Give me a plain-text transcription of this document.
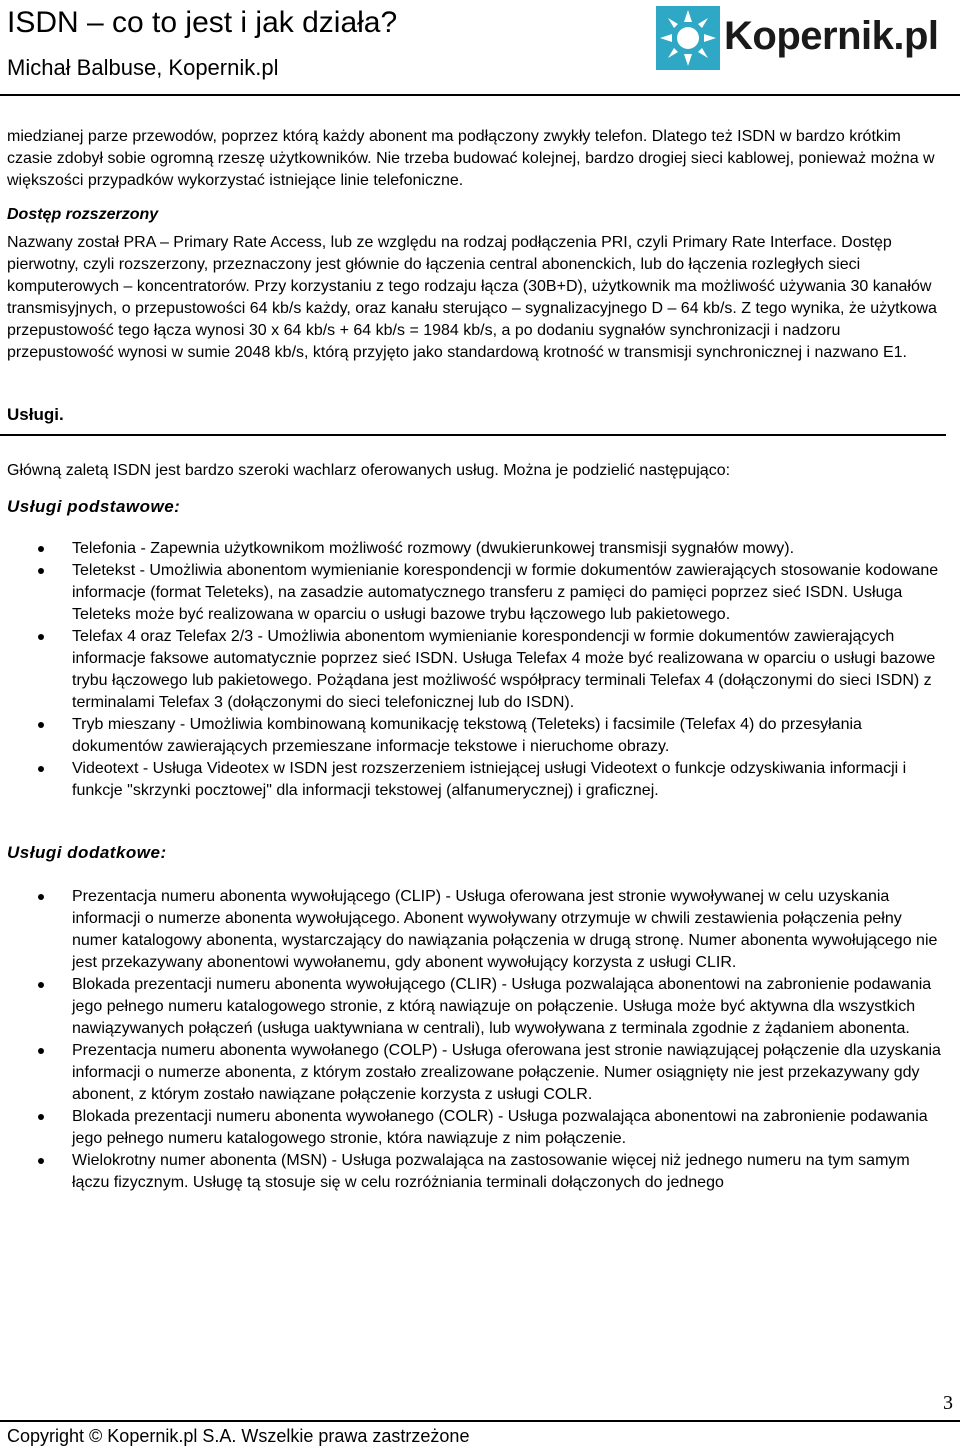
ISDN – co to jest i jak działa?
Michał Balbuse, Kopernik.pl
Kopernik.pl

miedzianej parze przewodów, poprzez którą każdy abonent ma podłączony zwykły telefon. Dlatego też ISDN w bardzo krótkim czasie zdobył sobie ogromną rzeszę użytkowników. Nie trzeba budować kolejnej, bardzo drogiej sieci kablowej, ponieważ można w większości przypadków wykorzystać istniejące linie telefoniczne.

Dostęp rozszerzony

Nazwany został PRA – Primary Rate Access, lub ze względu na rodzaj podłączenia PRI, czyli Primary Rate Interface. Dostęp pierwotny, czyli rozszerzony, przeznaczony jest głównie do łączenia central abonenckich, lub do łączenia rozległych sieci komputerowych – koncentratorów. Przy korzystaniu z tego rodzaju łącza (30B+D), użytkownik ma możliwość używania 30 kanałów transmisyjnych, o przepustowości 64 kb/s każdy, oraz kanału sterująco – sygnalizacyjnego D – 64 kb/s. Z tego wynika, że użytkowa przepustowość tego łącza wynosi 30 x 64 kb/s + 64 kb/s = 1984 kb/s, a po dodaniu sygnałów synchronizacji i nadzoru przepustowość wynosi w sumie 2048 kb/s, którą przyjęto jako standardową krotność w transmisji synchronicznej i nazwano E1.

Usługi.

Główną zaletą ISDN jest bardzo szeroki wachlarz oferowanych usług. Można je podzielić następująco:

Usługi podstawowe:

Telefonia - Zapewnia użytkownikom możliwość rozmowy (dwukierunkowej transmisji sygnałów mowy).
Teletekst - Umożliwia abonentom wymienianie korespondencji w formie dokumentów zawierających stosowanie kodowane informacje (format Teleteks), na zasadzie automatycznego transferu z pamięci do pamięci poprzez sieć ISDN. Usługa Teleteks może być realizowana w oparciu o usługi bazowe trybu łączowego lub pakietowego.
Telefax 4 oraz Telefax 2/3 - Umożliwia abonentom wymienianie korespondencji w formie dokumentów zawierających informacje faksowe automatycznie poprzez sieć ISDN. Usługa Telefax 4 może być realizowana w oparciu o usługi bazowe trybu łączowego lub pakietowego. Pożądana jest możliwość współpracy terminali Telefax 4 (dołączonymi do sieci ISDN) z terminalami Telefax 3 (dołączonymi do sieci telefonicznej lub do ISDN).
Tryb mieszany - Umożliwia kombinowaną komunikację tekstową (Teleteks) i facsimile (Telefax 4) do przesyłania dokumentów zawierających przemieszane informacje tekstowe i nieruchome obrazy.
Videotext - Usługa Videotex w ISDN jest rozszerzeniem istniejącej usługi Videotext o funkcje odzyskiwania informacji i funkcje "skrzynki pocztowej" dla informacji tekstowej (alfanumerycznej) i graficznej.

Usługi dodatkowe:

Prezentacja numeru abonenta wywołującego (CLIP) - Usługa oferowana jest stronie wywoływanej w celu uzyskania informacji o numerze abonenta wywołującego. Abonent wywoływany otrzymuje w chwili zestawienia połączenia pełny numer katalogowy abonenta, wystarczający do nawiązania połączenia w drugą stronę. Numer abonenta wywołującego nie jest przekazywany abonentowi wywołanemu, gdy abonent wywołujący korzysta z usługi CLIR.
Blokada prezentacji numeru abonenta wywołującego (CLIR) - Usługa pozwalająca abonentowi na zabronienie podawania jego pełnego numeru katalogowego stronie, z którą nawiązuje on połączenie. Usługa może być aktywna dla wszystkich nawiązywanych połączeń (usługa uaktywniana w centrali), lub wywoływana z terminala zgodnie z żądaniem abonenta.
Prezentacja numeru abonenta wywołanego (COLP) - Usługa oferowana jest stronie nawiązującej połączenie dla uzyskania informacji o numerze abonenta, z którym zostało zrealizowane połączenie. Numer osiągnięty nie jest przekazywany gdy abonent, z którym zostało nawiązane połączenie korzysta z usługi COLR.
Blokada prezentacji numeru abonenta wywołanego (COLR) - Usługa pozwalająca abonentowi na zabronienie podawania jego pełnego numeru katalogowego stronie, która nawiązuje z nim połączenie.
Wielokrotny numer abonenta (MSN) - Usługa pozwalająca na zastosowanie więcej niż jednego numeru na tym samym łączu fizycznym. Usługę tą stosuje się w celu rozróżniania terminali dołączonych do jednego
3
Copyright © Kopernik.pl S.A. Wszelkie prawa zastrzeżone
